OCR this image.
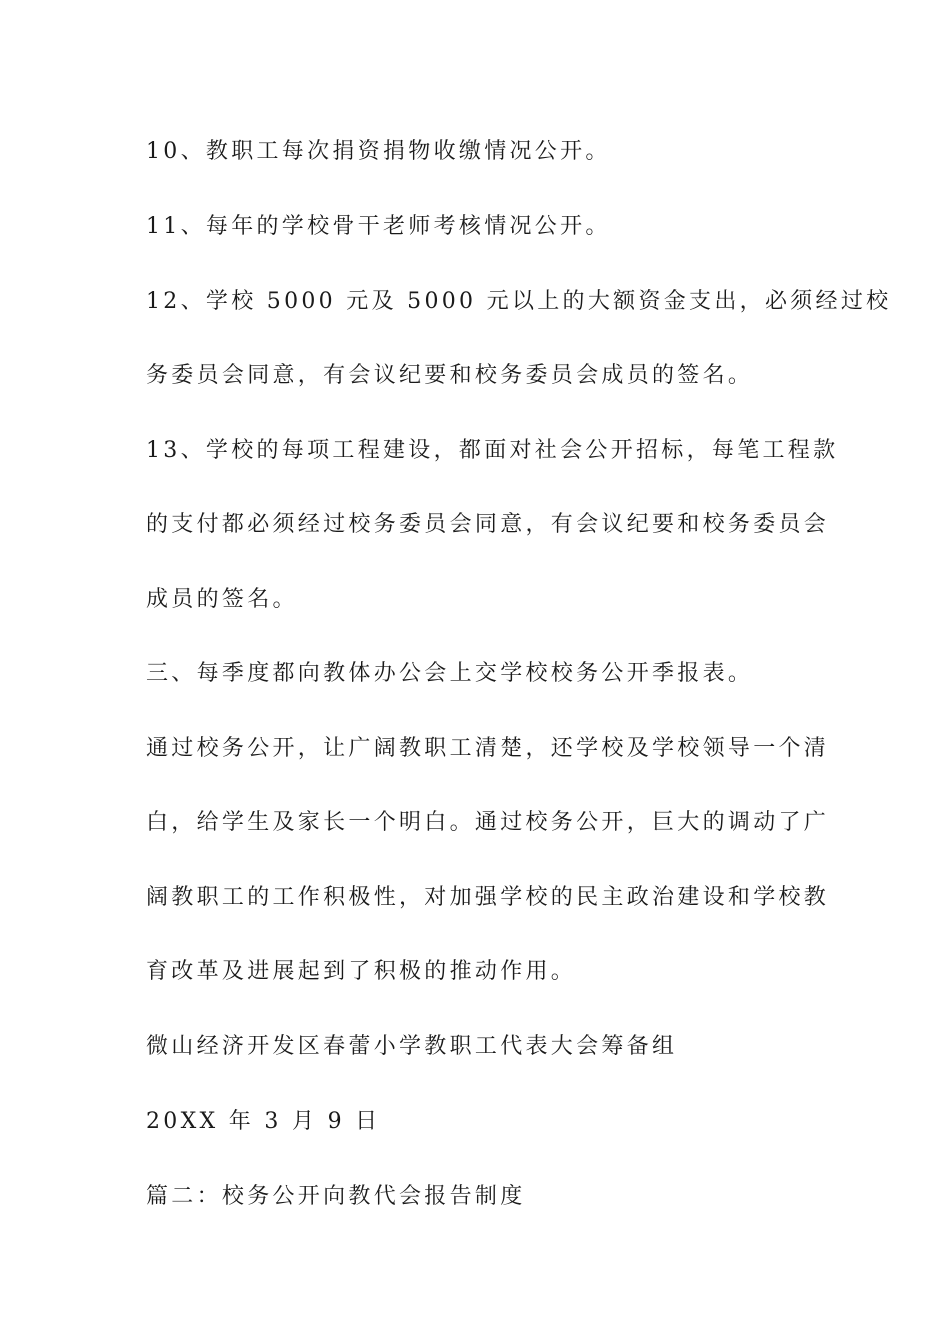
10、教职工每次捐资捐物收缴情况公开。
11、每年的学校骨干老师考核情况公开。
12、学校 5000 元及 5000 元以上的大额资金支出，必须经过校
务委员会同意，有会议纪要和校务委员会成员的签名。
13、学校的每项工程建设，都面对社会公开招标，每笔工程款
的支付都必须经过校务委员会同意，有会议纪要和校务委员会
成员的签名。
三、每季度都向教体办公会上交学校校务公开季报表。
通过校务公开，让广阔教职工清楚，还学校及学校领导一个清
白，给学生及家长一个明白。通过校务公开，巨大的调动了广
阔教职工的工作积极性，对加强学校的民主政治建设和学校教
育改革及进展起到了积极的推动作用。
微山经济开发区春蕾小学教职工代表大会筹备组
20XX 年 3 月 9 日
篇二：校务公开向教代会报告制度
